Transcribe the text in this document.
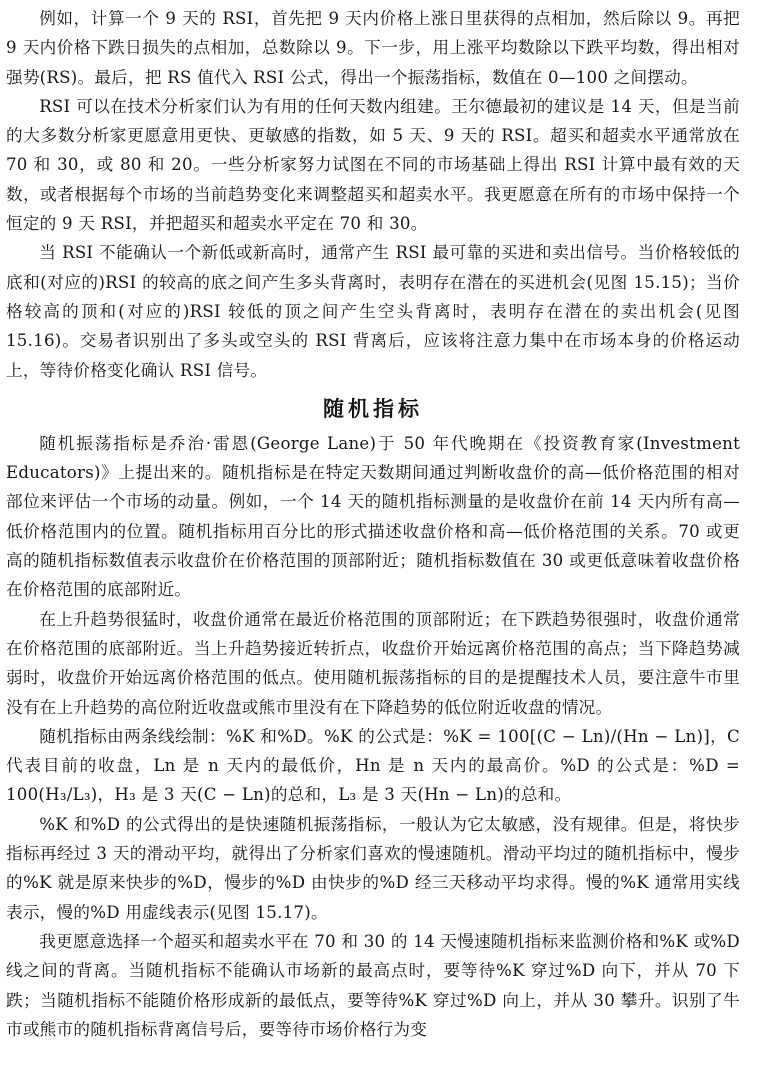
例如，计算一个 9 天的 RSI，首先把 9 天内价格上涨日里获得的点相加，然后除以 9。再把 9 天内价格下跌日损失的点相加，总数除以 9。下一步，用上涨平均数除以下跌平均数，得出相对强势(RS)。最后，把 RS 值代入 RSI 公式，得出一个振荡指标，数值在 0—100 之间摆动。

RSI 可以在技术分析家们认为有用的任何天数内组建。王尔德最初的建议是 14 天，但是当前的大多数分析家更愿意用更快、更敏感的指数，如 5 天、9 天的 RSI。超买和超卖水平通常放在 70 和 30，或 80 和 20。一些分析家努力试图在不同的市场基础上得出 RSI 计算中最有效的天数，或者根据每个市场的当前趋势变化来调整超买和超卖水平。我更愿意在所有的市场中保持一个恒定的 9 天 RSI，并把超买和超卖水平定在 70 和 30。

当 RSI 不能确认一个新低或新高时，通常产生 RSI 最可靠的买进和卖出信号。当价格较低的底和(对应的)RSI 的较高的底之间产生多头背离时，表明存在潜在的买进机会(见图 15.15)；当价格较高的顶和(对应的)RSI 较低的顶之间产生空头背离时，表明存在潜在的卖出机会(见图 15.16)。交易者识别出了多头或空头的 RSI 背离后，应该将注意力集中在市场本身的价格运动上，等待价格变化确认 RSI 信号。

随机指标

随机振荡指标是乔治·雷恩(George Lane)于 50 年代晚期在《投资教育家(Investment Educators)》上提出来的。随机指标是在特定天数期间通过判断收盘价的高—低价格范围的相对部位来评估一个市场的动量。例如，一个 14 天的随机指标测量的是收盘价在前 14 天内所有高—低价格范围内的位置。随机指标用百分比的形式描述收盘价格和高—低价格范围的关系。70 或更高的随机指标数值表示收盘价在价格范围的顶部附近；随机指标数值在 30 或更低意味着收盘价格在价格范围的底部附近。

在上升趋势很猛时，收盘价通常在最近价格范围的顶部附近；在下跌趋势很强时，收盘价通常在价格范围的底部附近。当上升趋势接近转折点，收盘价开始远离价格范围的高点；当下降趋势减弱时，收盘价开始远离价格范围的低点。使用随机振荡指标的目的是提醒技术人员，要注意牛市里没有在上升趋势的高位附近收盘或熊市里没有在下降趋势的低位附近收盘的情况。

随机指标由两条线绘制：%K 和%D。%K 的公式是：%K = 100[(C − Ln)/(Hn − Ln)]，C 代表目前的收盘，Ln 是 n 天内的最低价，Hn 是 n 天内的最高价。%D 的公式是：%D = 100(H₃/L₃)，H₃ 是 3 天(C − Ln)的总和，L₃ 是 3 天(Hn − Ln)的总和。

%K 和%D 的公式得出的是快速随机振荡指标，一般认为它太敏感，没有规律。但是，将快步指标再经过 3 天的滑动平均，就得出了分析家们喜欢的慢速随机。滑动平均过的随机指标中，慢步的%K 就是原来快步的%D，慢步的%D 由快步的%D 经三天移动平均求得。慢的%K 通常用实线表示，慢的%D 用虚线表示(见图 15.17)。

我更愿意选择一个超买和超卖水平在 70 和 30 的 14 天慢速随机指标来监测价格和%K 或%D 线之间的背离。当随机指标不能确认市场新的最高点时，要等待%K 穿过%D 向下，并从 70 下跌；当随机指标不能随价格形成新的最低点，要等待%K 穿过%D 向上，并从 30 攀升。识别了牛市或熊市的随机指标背离信号后，要等待市场价格行为变
